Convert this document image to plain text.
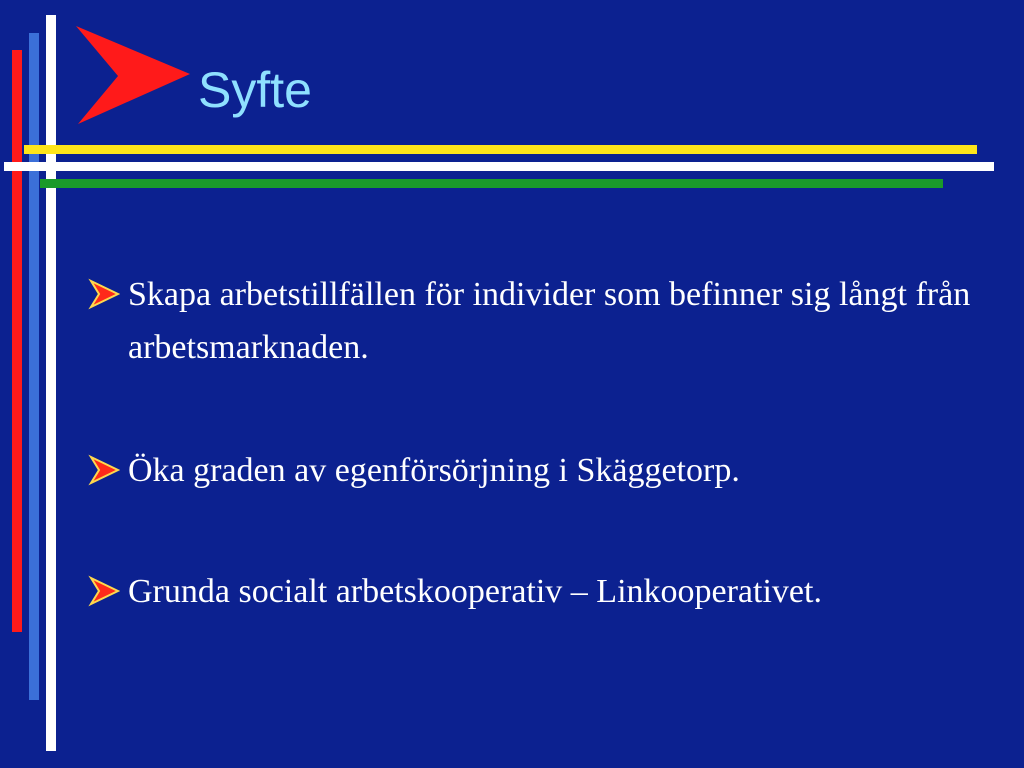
Syfte
Skapa arbetstillfällen för individer som befinner sig långt från arbetsmarknaden.
Öka graden av egenförsörjning i Skäggetorp.
Grunda socialt arbetskooperativ – Linkooperativet.
